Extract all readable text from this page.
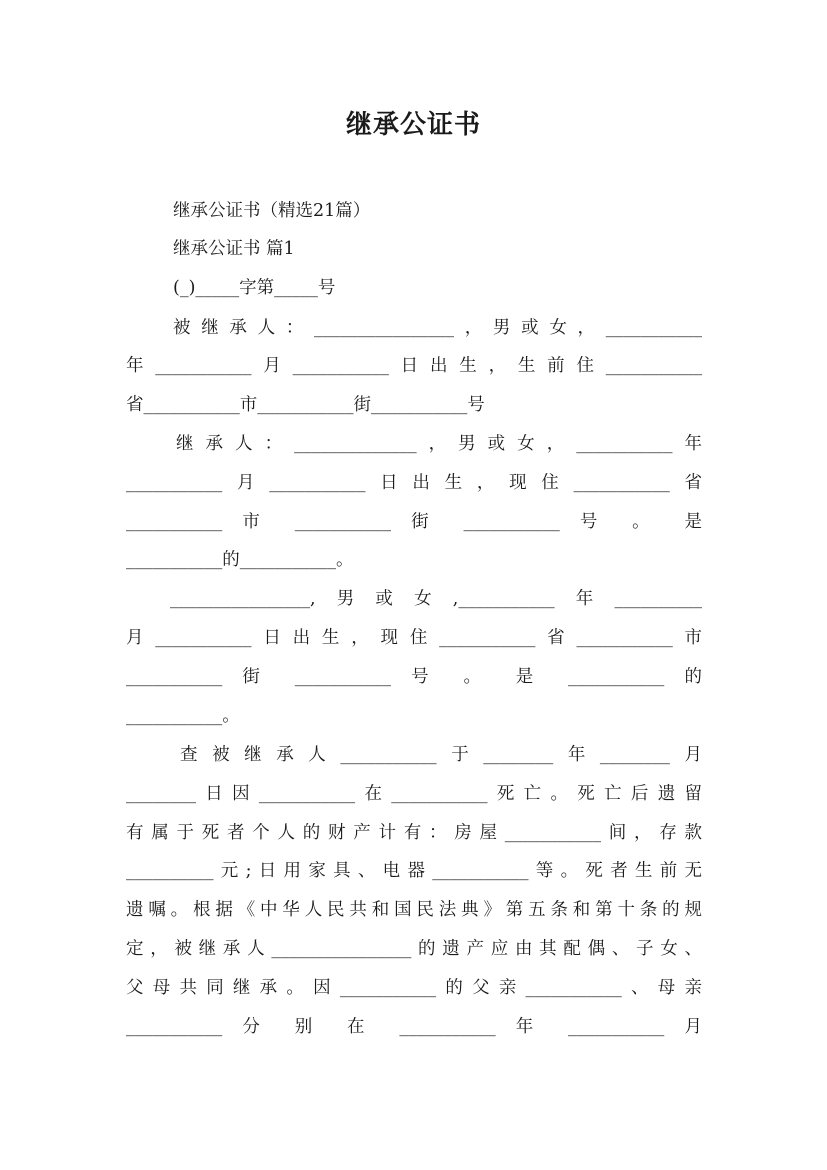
继承公证书
继承公证书（精选21篇）
继承公证书 篇1
(_)_____字第_____号
被继承人：________________，男或女，___________
年___________月___________日出生，生前住___________
省___________市___________街___________号
继承人：______________，男或女，___________年
___________月___________日出生，现住___________省
___________ 市 ___________ 街 ___________ 号 。 是
___________的___________。
________________,男或女,___________年__________
月___________日出生，现住___________省___________市
___________ 街 ___________ 号 。 是 ___________ 的
___________。
查被继承人___________于________年________月
________日因___________在___________死亡。死亡后遗留
有属于死者个人的财产计有：房屋___________间，存款
__________元;日用家具、电器___________等。死者生前无
遗嘱。根据《中华人民共和国民法典》第五条和第十条的规
定，被继承人________________的遗产应由其配偶、子女、
父母共同继承。因___________的父亲___________、母亲
___________ 分 别 在 ___________ 年 ___________ 月
